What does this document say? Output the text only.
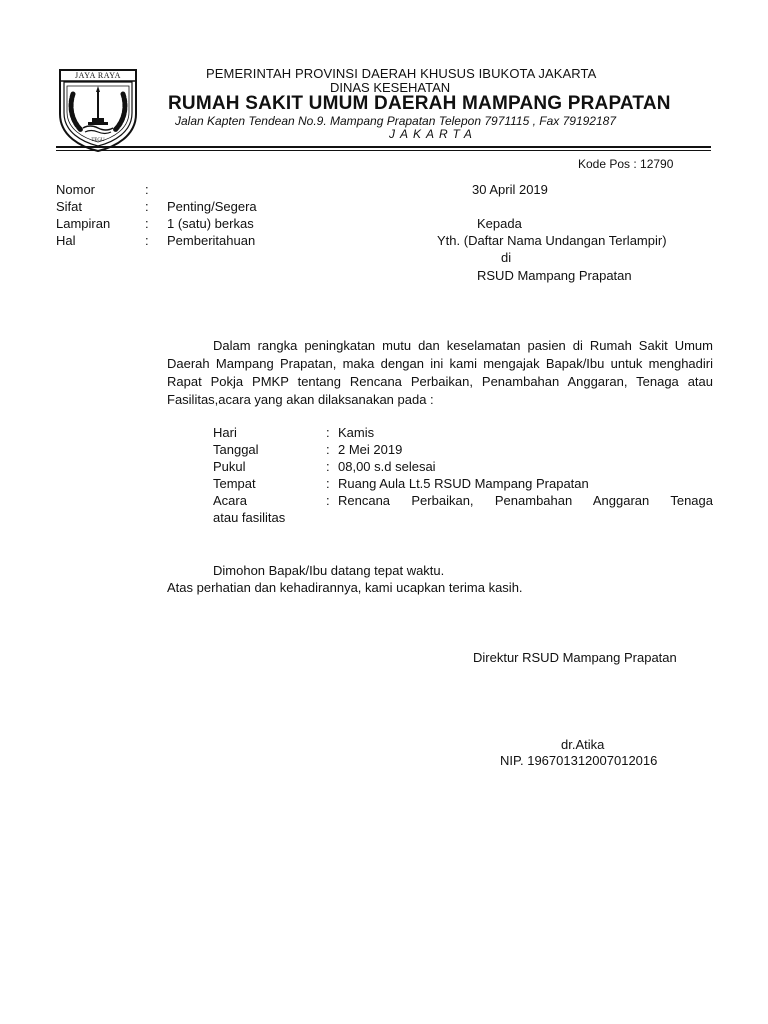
TEGU
JAYA RAYA	PEMERINTAH PROVINSI DAERAH KHUSUS IBUKOTA JAKARTA
DINAS KESEHATAN
RUMAH SAKIT UMUM DAERAH MAMPANG PRAPATAN
Jalan Kapten Tendean No.9. Mampang Prapatan Telepon 7971115 , Fax 79192187
JAKARTA
Kode Pos : 12790
30 April 2019
Nomor	:
Sifat	: Penting/Segera
Lampiran	: 1 (satu) berkas
Hal	: Pemberitahuan
Kepada
Yth. (Daftar Nama Undangan Terlampir)
di
RSUD Mampang Prapatan
Dalam rangka peningkatan mutu dan keselamatan pasien di Rumah Sakit Umum Daerah Mampang Prapatan, maka dengan ini kami mengajak Bapak/Ibu untuk menghadiri Rapat Pokja PMKP tentang Rencana Perbaikan, Penambahan Anggaran, Tenaga atau Fasilitas,acara yang akan dilaksanakan pada :
Hari	: Kamis
Tanggal	: 2 Mei 2019
Pukul	: 08,00 s.d selesai
Tempat	: Ruang Aula Lt.5 RSUD Mampang Prapatan
Acara	: Rencana Perbaikan, Penambahan Anggaran Tenaga
atau fasilitas
Dimohon Bapak/Ibu datang tepat waktu.
Atas perhatian dan kehadirannya, kami ucapkan terima kasih.
Direktur RSUD Mampang Prapatan
dr.Atika
NIP. 196701312007012016
